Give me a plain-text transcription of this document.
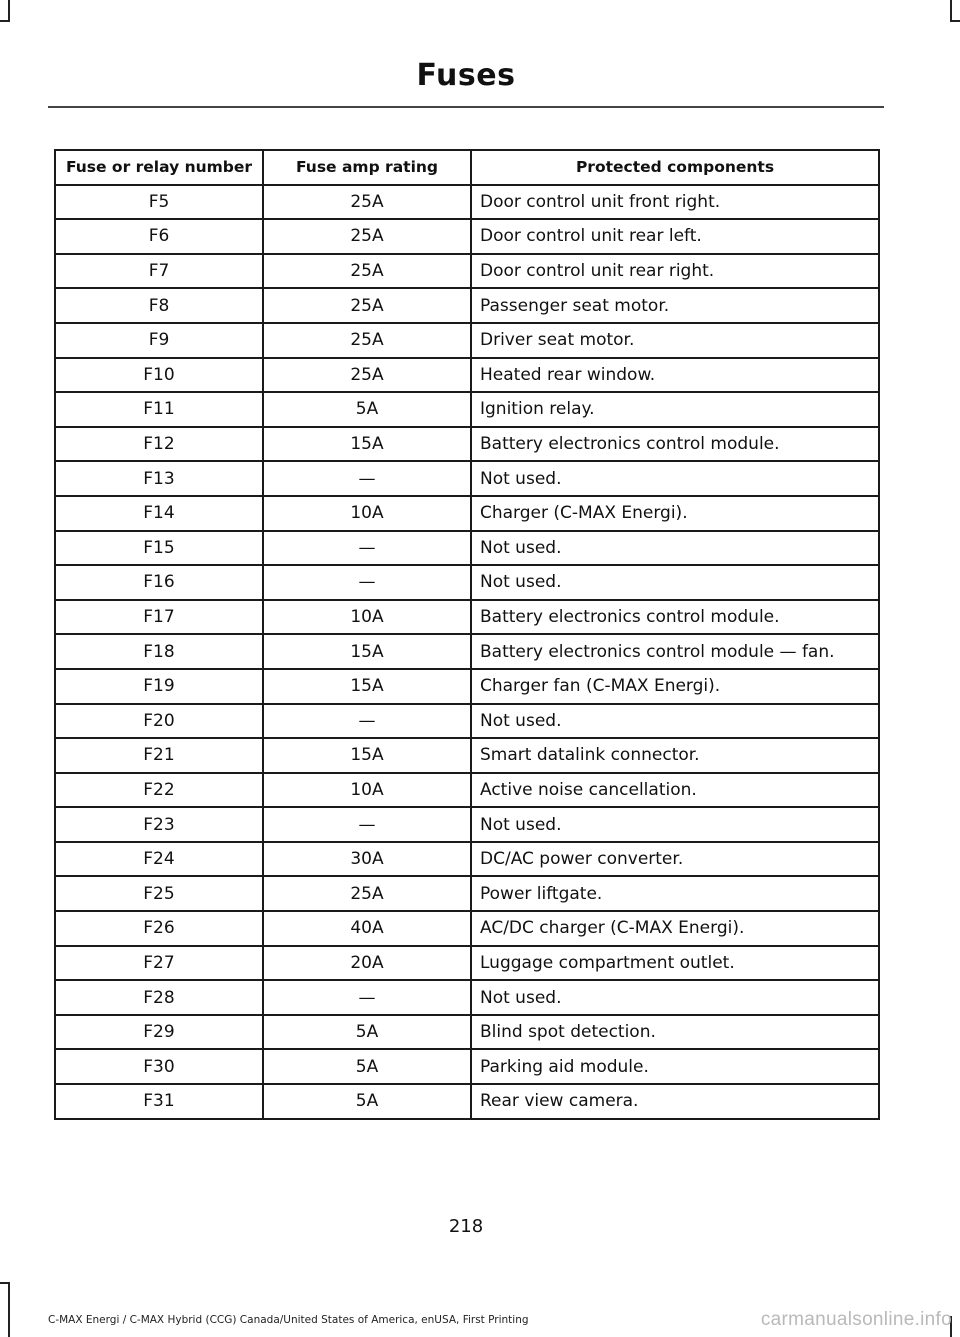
Fuses
Fuse or relay number	Fuse amp rating	Protected components
F5	25A	Door control unit front right.
F6	25A	Door control unit rear left.
F7	25A	Door control unit rear right.
F8	25A	Passenger seat motor.
F9	25A	Driver seat motor.
F10	25A	Heated rear window.
F11	5A	Ignition relay.
F12	15A	Battery electronics control module.
F13	—	Not used.
F14	10A	Charger (C-MAX Energi).
F15	—	Not used.
F16	—	Not used.
F17	10A	Battery electronics control module.
F18	15A	Battery electronics control module — fan.
F19	15A	Charger fan (C-MAX Energi).
F20	—	Not used.
F21	15A	Smart datalink connector.
F22	10A	Active noise cancellation.
F23	—	Not used.
F24	30A	DC/AC power converter.
F25	25A	Power liftgate.
F26	40A	AC/DC charger (C-MAX Energi).
F27	20A	Luggage compartment outlet.
F28	—	Not used.
F29	5A	Blind spot detection.
F30	5A	Parking aid module.
F31	5A	Rear view camera.
218
C-MAX Energi / C-MAX Hybrid (CCG) Canada/United States of America, enUSA, First Printing	carmanualsonline.info
